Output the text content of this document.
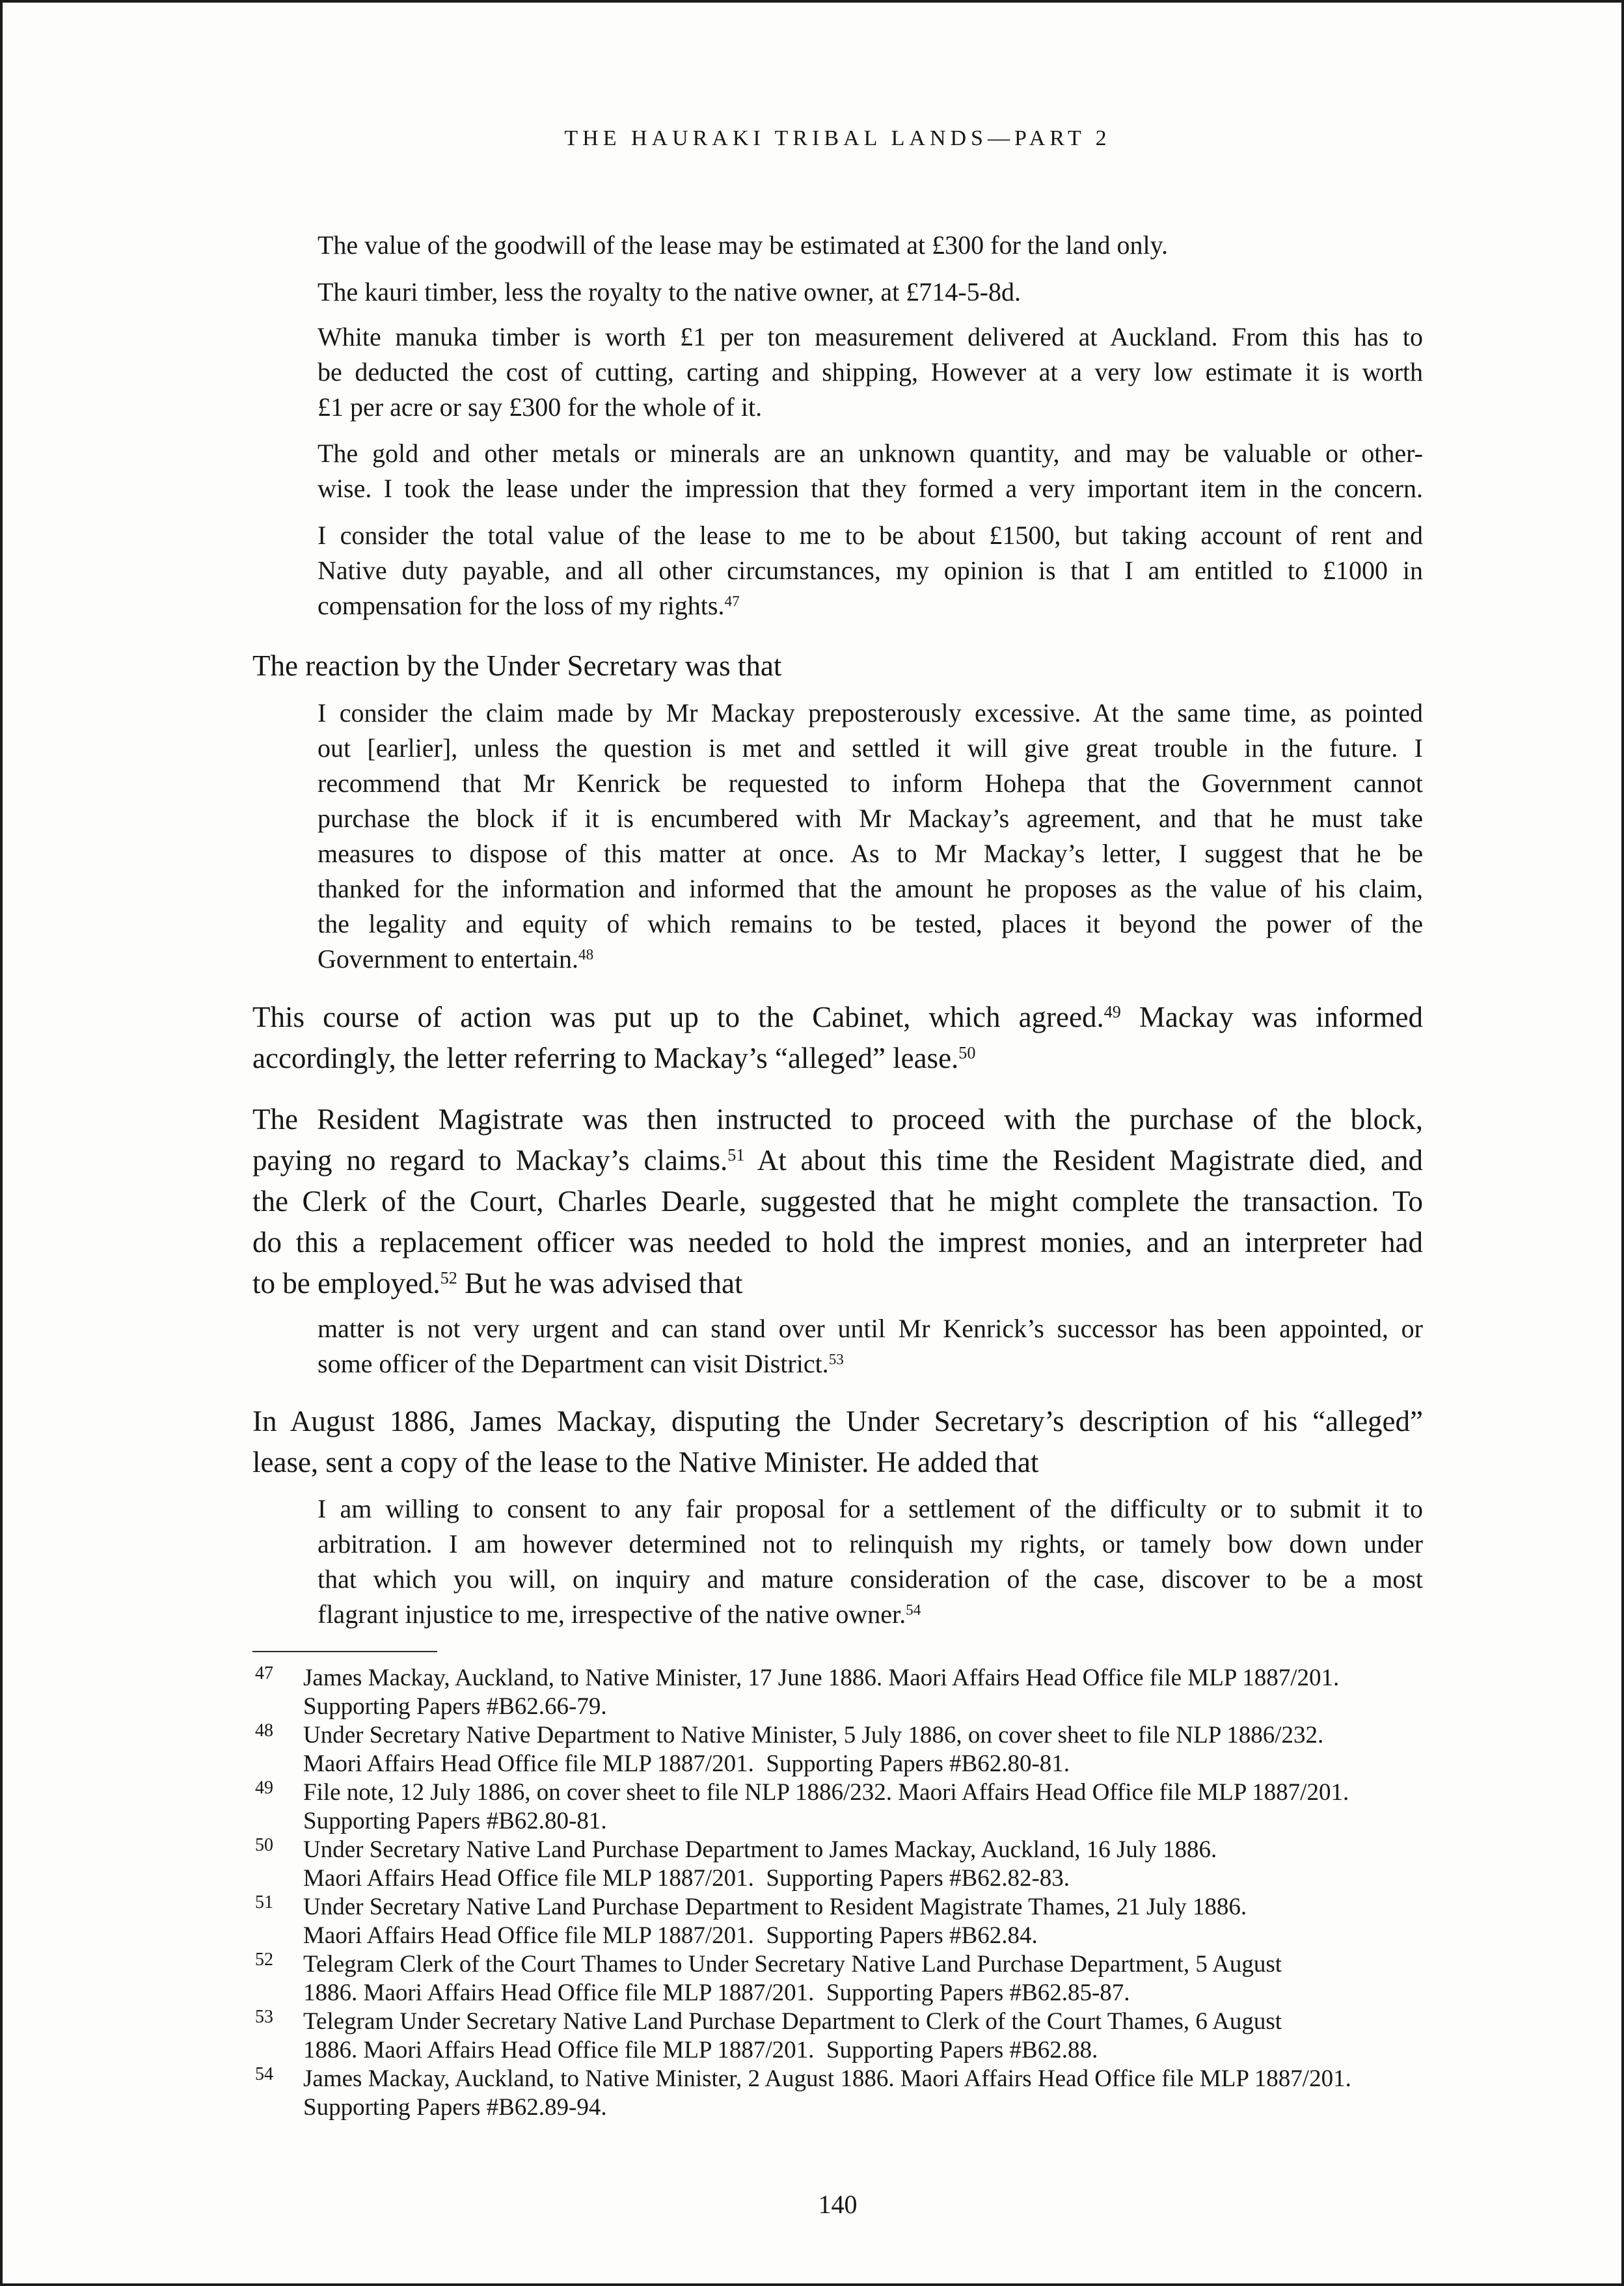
THE HAURAKI TRIBAL LANDS—PART 2
The value of the goodwill of the lease may be estimated at £300 for the land only.
The kauri timber, less the royalty to the native owner, at £714-5-8d.
White manuka timber is worth £1 per ton measurement delivered at Auckland. From this has to
be deducted the cost of cutting, carting and shipping, However at a very low estimate it is worth
£1 per acre or say £300 for the whole of it.
The gold and other metals or minerals are an unknown quantity, and may be valuable or other-
wise. I took the lease under the impression that they formed a very important item in the concern.
I consider the total value of the lease to me to be about £1500, but taking account of rent and
Native duty payable, and all other circumstances, my opinion is that I am entitled to £1000 in
compensation for the loss of my rights.$^{47}$
The reaction by the Under Secretary was that
I consider the claim made by Mr Mackay preposterously excessive. At the same time, as pointed
out [earlier], unless the question is met and settled it will give great trouble in the future. I
recommend that Mr Kenrick be requested to inform Hohepa that the Government cannot
purchase the block if it is encumbered with Mr Mackay’s agreement, and that he must take
measures to dispose of this matter at once. As to Mr Mackay’s letter, I suggest that he be
thanked for the information and informed that the amount he proposes as the value of his claim,
the legality and equity of which remains to be tested, places it beyond the power of the
Government to entertain.$^{48}$
This course of action was put up to the Cabinet, which agreed.$^{49}$ Mackay was informed
accordingly, the letter referring to Mackay’s “alleged” lease.$^{50}$
The Resident Magistrate was then instructed to proceed with the purchase of the block,
paying no regard to Mackay’s claims.$^{51}$ At about this time the Resident Magistrate died, and
the Clerk of the Court, Charles Dearle, suggested that he might complete the transaction. To
do this a replacement officer was needed to hold the imprest monies, and an interpreter had
to be employed.$^{52}$ But he was advised that
matter is not very urgent and can stand over until Mr Kenrick’s successor has been appointed, or
some officer of the Department can visit District.$^{53}$
In August 1886, James Mackay, disputing the Under Secretary’s description of his “alleged”
lease, sent a copy of the lease to the Native Minister. He added that
I am willing to consent to any fair proposal for a settlement of the difficulty or to submit it to
arbitration. I am however determined not to relinquish my rights, or tamely bow down under
that which you will, on inquiry and mature consideration of the case, discover to be a most
flagrant injustice to me, irrespective of the native owner.$^{54}$
47 James Mackay, Auckland, to Native Minister, 17 June 1886. Maori Affairs Head Office file MLP 1887/201.
Supporting Papers #B62.66-79.
48 Under Secretary Native Department to Native Minister, 5 July 1886, on cover sheet to file NLP 1886/232.
Maori Affairs Head Office file MLP 1887/201.  Supporting Papers #B62.80-81.
49 File note, 12 July 1886, on cover sheet to file NLP 1886/232. Maori Affairs Head Office file MLP 1887/201.
Supporting Papers #B62.80-81.
50 Under Secretary Native Land Purchase Department to James Mackay, Auckland, 16 July 1886.
Maori Affairs Head Office file MLP 1887/201.  Supporting Papers #B62.82-83.
51 Under Secretary Native Land Purchase Department to Resident Magistrate Thames, 21 July 1886.
Maori Affairs Head Office file MLP 1887/201.  Supporting Papers #B62.84.
52 Telegram Clerk of the Court Thames to Under Secretary Native Land Purchase Department, 5 August
1886. Maori Affairs Head Office file MLP 1887/201.  Supporting Papers #B62.85-87.
53 Telegram Under Secretary Native Land Purchase Department to Clerk of the Court Thames, 6 August
1886. Maori Affairs Head Office file MLP 1887/201.  Supporting Papers #B62.88.
54 James Mackay, Auckland, to Native Minister, 2 August 1886. Maori Affairs Head Office file MLP 1887/201.
Supporting Papers #B62.89-94.
140
